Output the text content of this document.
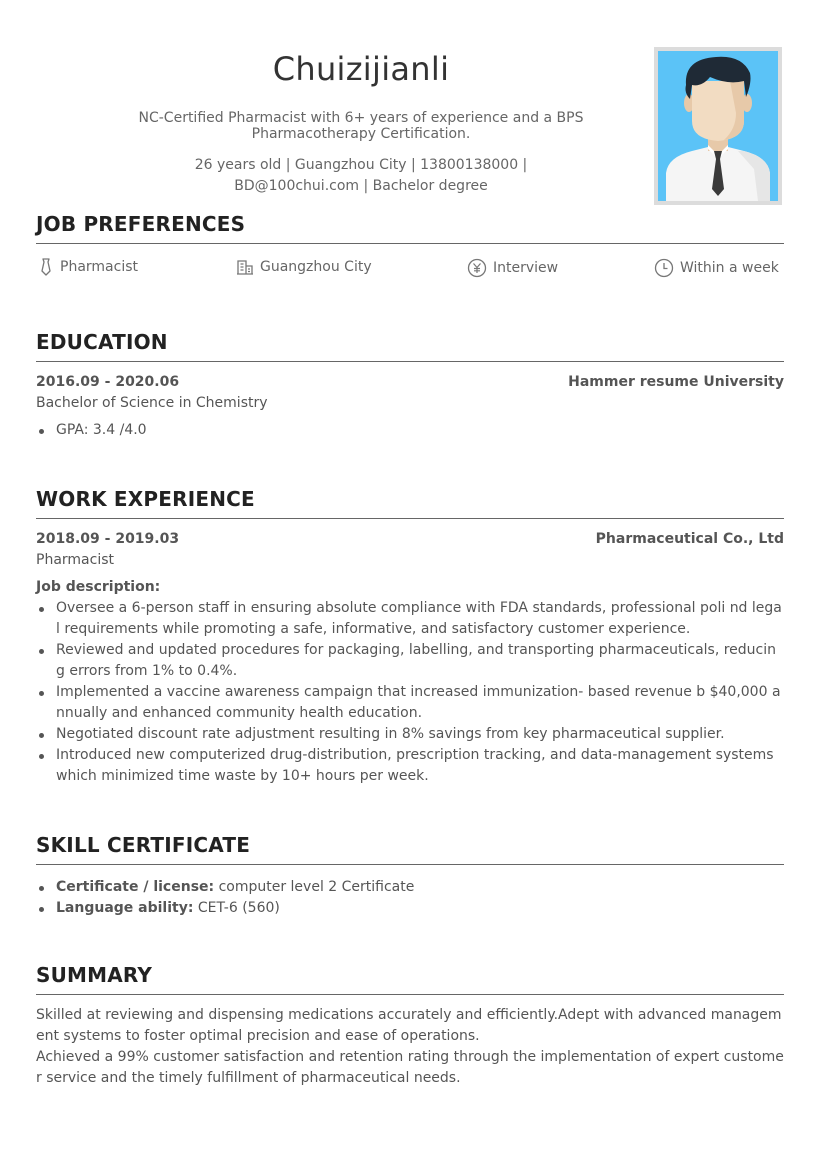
Chuizijianli
NC-Certified Pharmacist with 6+ years of experience and a BPS Pharmacotherapy Certification.
26 years old | Guangzhou City | 13800138000 | BD@100chui.com | Bachelor degree
JOB PREFERENCES
Pharmacist	Guangzhou City	Interview	Within a week
EDUCATION
2016.09 - 2020.06	Hammer resume University
Bachelor of Science in Chemistry
GPA: 3.4 /4.0
WORK EXPERIENCE
2018.09 - 2019.03	Pharmaceutical Co., Ltd
Pharmacist
Job description:
Oversee a 6-person staff in ensuring absolute compliance with FDA standards, professional poli nd legal requirements while promoting a safe, informative, and satisfactory customer experience.
Reviewed and updated procedures for packaging, labelling, and transporting pharmaceuticals, reducing errors from 1% to 0.4%.
Implemented a vaccine awareness campaign that increased immunization- based revenue b $40,000 annually and enhanced community health education.
Negotiated discount rate adjustment resulting in 8% savings from key pharmaceutical supplier.
Introduced new computerized drug-distribution, prescription tracking, and data-management systems which minimized time waste by 10+ hours per week.
SKILL CERTIFICATE
Certificate / license: computer level 2 Certificate
Language ability: CET-6 (560)
SUMMARY
Skilled at reviewing and dispensing medications accurately and efficiently.Adept with advanced management systems to foster optimal precision and ease of operations.
Achieved a 99% customer satisfaction and retention rating through the implementation of expert customer service and the timely fulfillment of pharmaceutical needs.
